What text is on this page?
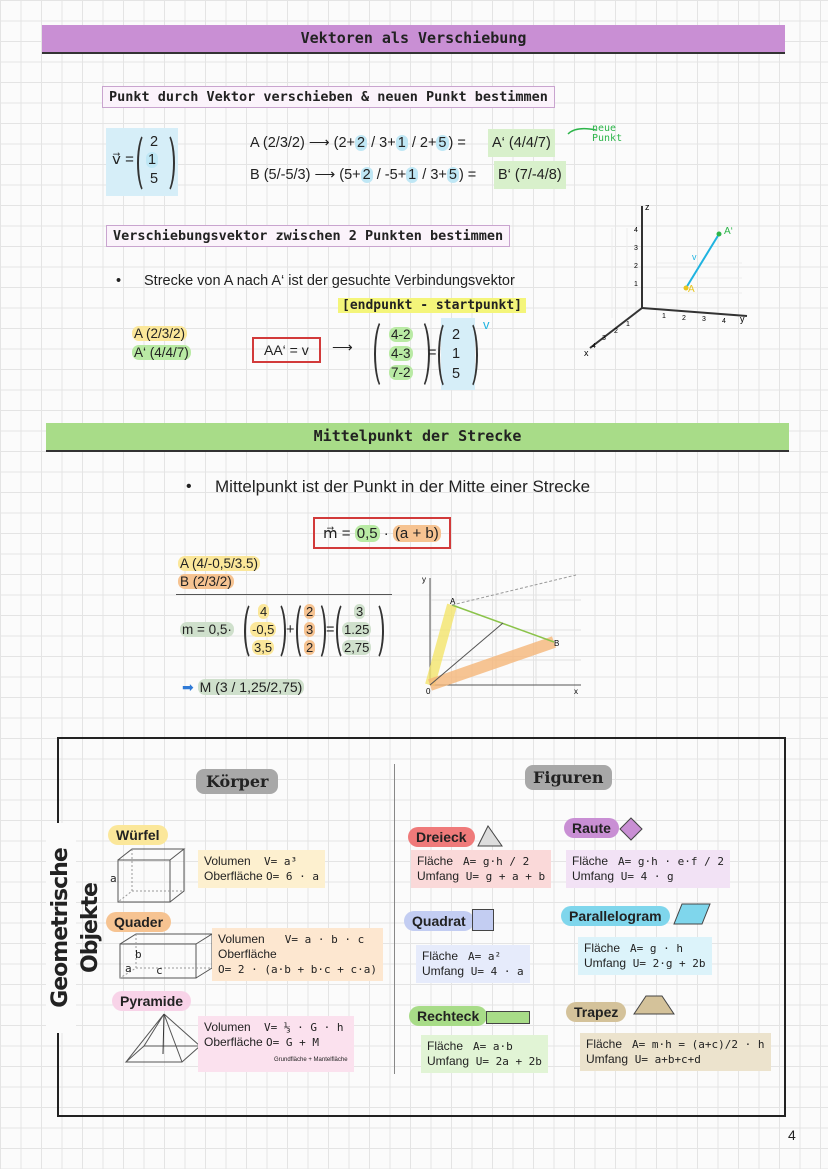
Vektoren als Verschiebung
Punkt durch Vektor verschieben & neuen Punkt bestimmen
v⃗ =
2
1
5
A (2/3/2) ⟶ (2+ 2 / 3+ 1 / 2+ 5 ) = A‘ (4/4/7)
B (5/-5/3) ⟶ (5+ 2 / -5+ 1 / 3+ 5 ) = B‘ (7/-4/8)
neue Punkt
Verschiebungsvektor zwischen 2 Punkten bestimmen
• Strecke von A nach A‘ ist der gesuchte Verbindungsvektor
A (2/3/2)
A‘ (4/4/7)	AA‘ = v	⟶
[endpunkt - startpunkt]
4-2
4-3
7-2
=
2
1
5
v
z
y
x
A
A‘
v
4
3
2
1
1 2 3 4
1
2
3
4
Mittelpunkt der Strecke
• Mittelpunkt ist der Punkt in der Mitte einer Strecke
m⃗ = 0,5 · (a + b)
A (4/-0,5/3.5)
B (2/3/2)
m = 0,5·
4
-0,5
3,5
+
2
3
2
=
3
1.25
2,75
➡ M (3 / 1,25/2,75)
y
x
A
B
0
Geometrische Objekte
Körper	Figuren
Würfel
a
Volumen V= a³
Oberfläche O= 6 · a
Quader
b
a c
Volumen V= a · b · c
Oberfläche
O= 2 · (a·b + b·c + c·a)
Pyramide
Volumen V= ⅓ · G · h
Oberfläche O= G + M
Grundfläche + Mantelfläche
Dreieck
Fläche A= g·h / 2
Umfang U= g + a + b
Quadrat
Fläche A= a²
Umfang U= 4 · a
Rechteck
Fläche A= a·b
Umfang U= 2a + 2b
Raute
Fläche A= g·h · e·f / 2
Umfang U= 4 · g
Parallelogram
Fläche A= g · h
Umfang U= 2·g + 2b
Trapez
Fläche A= m·h = (a+c)/2 · h
Umfang U= a+b+c+d
4
